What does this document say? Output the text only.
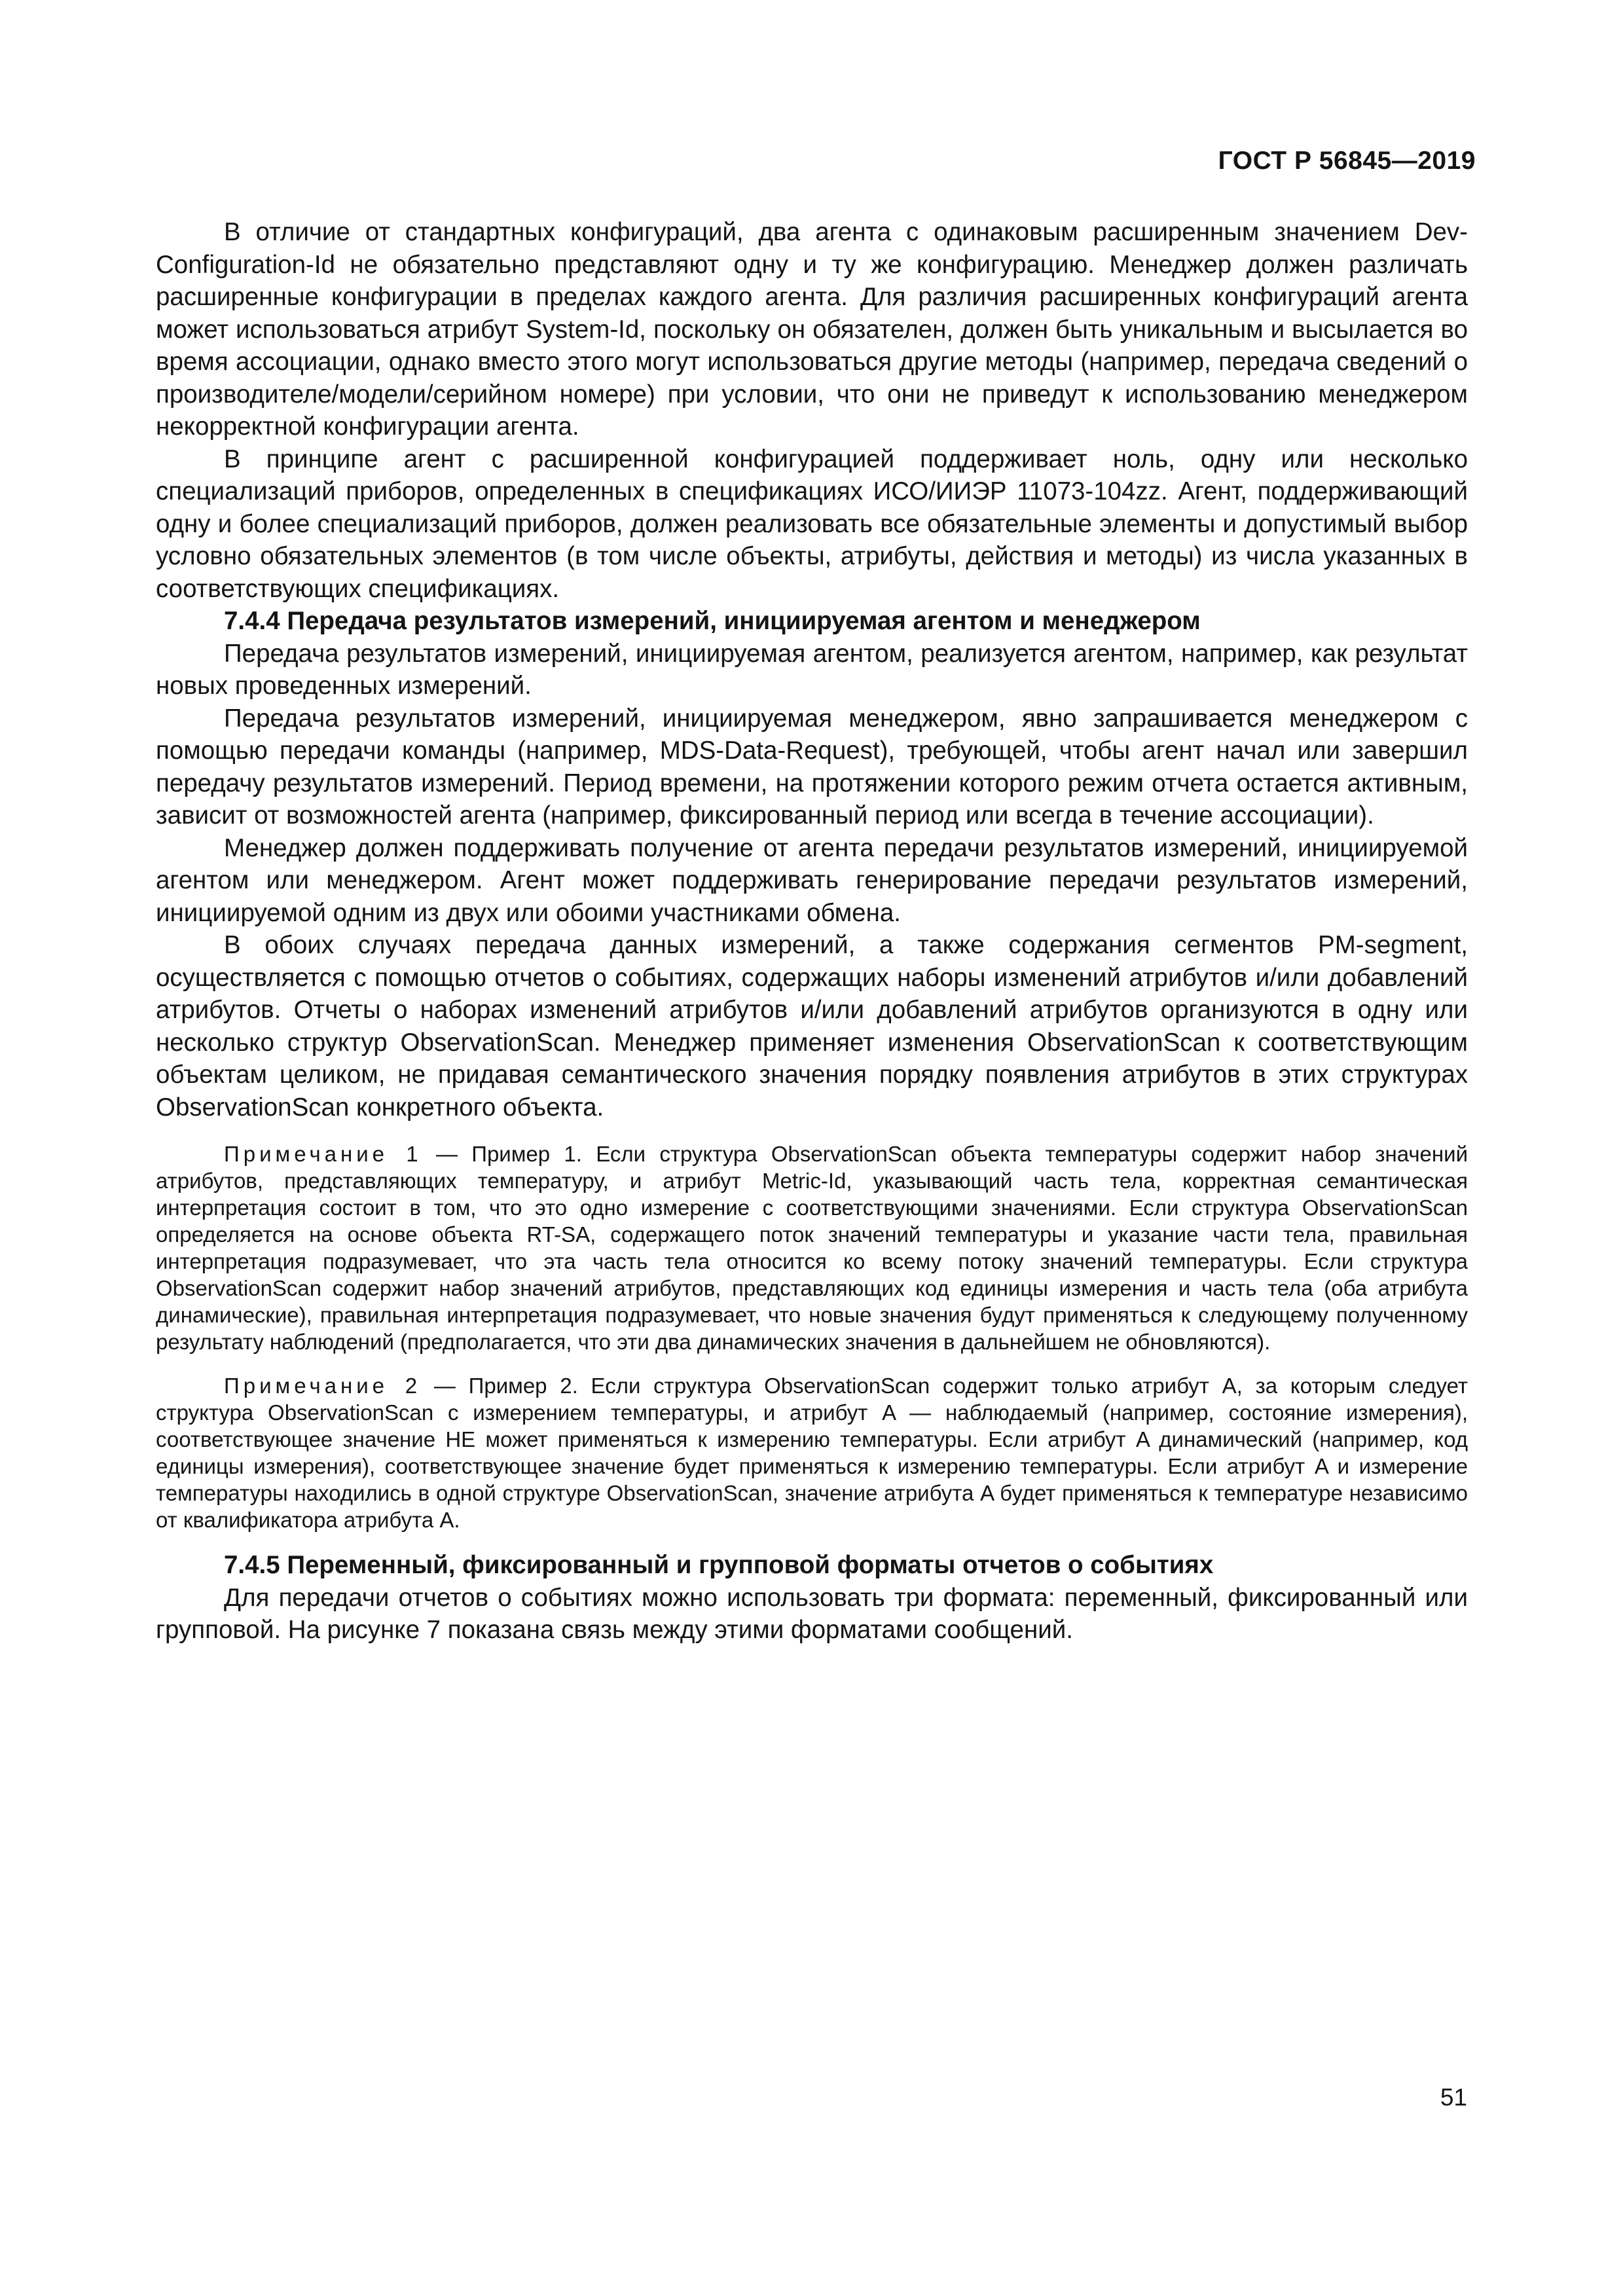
ГОСТ Р 56845—2019

В отличие от стандартных конфигураций, два агента с одинаковым расширенным значением Dev-Configuration-Id не обязательно представляют одну и ту же конфигурацию. Менеджер должен различать расширенные конфигурации в пределах каждого агента. Для различия расширенных конфигураций агента может использоваться атрибут System-Id, поскольку он обязателен, должен быть уникальным и высылается во время ассоциации, однако вместо этого могут использоваться другие методы (например, передача сведений о производителе/модели/серийном номере) при условии, что они не приведут к использованию менеджером некорректной конфигурации агента.

В принципе агент с расширенной конфигурацией поддерживает ноль, одну или несколько специализаций приборов, определенных в спецификациях ИСО/ИИЭР 11073-104zz. Агент, поддерживающий одну и более специализаций приборов, должен реализовать все обязательные элементы и допустимый выбор условно обязательных элементов (в том числе объекты, атрибуты, действия и методы) из числа указанных в соответствующих спецификациях.

7.4.4 Передача результатов измерений, инициируемая агентом и менеджером

Передача результатов измерений, инициируемая агентом, реализуется агентом, например, как результат новых проведенных измерений.

Передача результатов измерений, инициируемая менеджером, явно запрашивается менеджером с помощью передачи команды (например, MDS-Data-Request), требующей, чтобы агент начал или завершил передачу результатов измерений. Период времени, на протяжении которого режим отчета остается активным, зависит от возможностей агента (например, фиксированный период или всегда в течение ассоциации).

Менеджер должен поддерживать получение от агента передачи результатов измерений, инициируемой агентом или менеджером. Агент может поддерживать генерирование передачи результатов измерений, инициируемой одним из двух или обоими участниками обмена.

В обоих случаях передача данных измерений, а также содержания сегментов PM-segment, осуществляется с помощью отчетов о событиях, содержащих наборы изменений атрибутов и/или добавлений атрибутов. Отчеты о наборах изменений атрибутов и/или добавлений атрибутов организуются в одну или несколько структур ObservationScan. Менеджер применяет изменения ObservationScan к соответствующим объектам целиком, не придавая семантического значения порядку появления атрибутов в этих структурах ObservationScan конкретного объекта.

Примечание 1 — Пример 1. Если структура ObservationScan объекта температуры содержит набор значений атрибутов, представляющих температуру, и атрибут Metric-Id, указывающий часть тела, корректная семантическая интерпретация состоит в том, что это одно измерение с соответствующими значениями. Если структура ObservationScan определяется на основе объекта RT-SA, содержащего поток значений температуры и указание части тела, правильная интерпретация подразумевает, что эта часть тела относится ко всему потоку значений температуры. Если структура ObservationScan содержит набор значений атрибутов, представляющих код единицы измерения и часть тела (оба атрибута динамические), правильная интерпретация подразумевает, что новые значения будут применяться к следующему полученному результату наблюдений (предполагается, что эти два динамических значения в дальнейшем не обновляются).

Примечание 2 — Пример 2. Если структура ObservationScan содержит только атрибут A, за которым следует структура ObservationScan с измерением температуры, и атрибут A — наблюдаемый (например, состояние измерения), соответствующее значение НЕ может применяться к измерению температуры. Если атрибут A динамический (например, код единицы измерения), соответствующее значение будет применяться к измерению температуры. Если атрибут A и измерение температуры находились в одной структуре ObservationScan, значение атрибута A будет применяться к температуре независимо от квалификатора атрибута A.

7.4.5 Переменный, фиксированный и групповой форматы отчетов о событиях

Для передачи отчетов о событиях можно использовать три формата: переменный, фиксированный или групповой. На рисунке 7 показана связь между этими форматами сообщений.

51
